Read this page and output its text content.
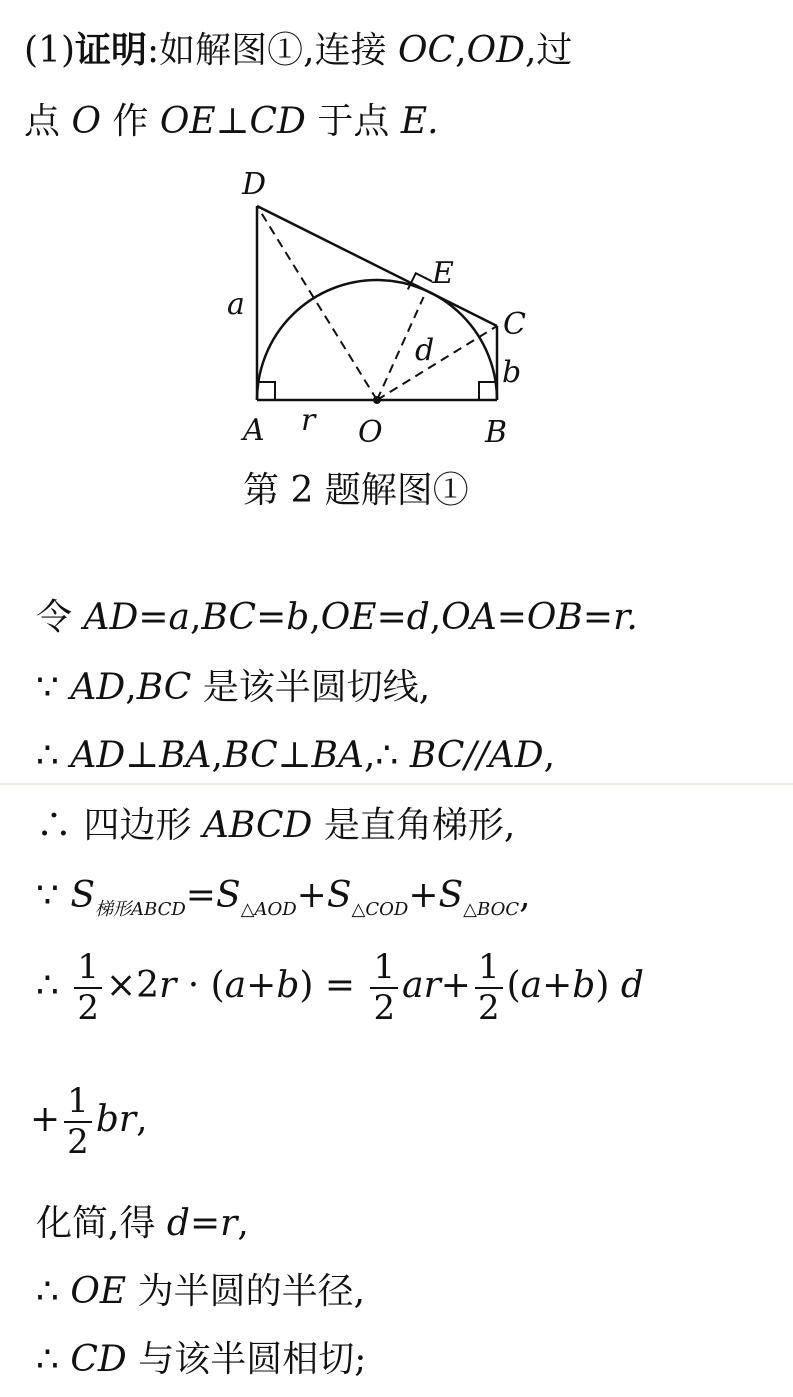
(1)证明:如解图①,连接 OC,OD,过
点 O 作 OE⊥CD 于点 E.
D
E
C
a
d
b
A r O	B
第 2 题解图①
令 AD=a,BC=b,OE=d,OA=OB=r.
∵ AD,BC 是该半圆切线,
∴ AD⊥BA,BC⊥BA,∴ BC//AD,
∴ 四边形 ABCD 是直角梯形,
∵ $S_{梯形ABCD}=S_{\triangle AOD}+S_{\triangle COD}+S_{\triangle BOC}$,
∴ $\frac{1}{2} \times 2r \cdot (a+b) = \frac{1}{2} ar+ \frac{1}{2} (a+b)$ d
+ $\frac{1}{2}$ br,
化简,得 d=r,
∴ OE 为半圆的半径,
∴ CD 与该半圆相切;
